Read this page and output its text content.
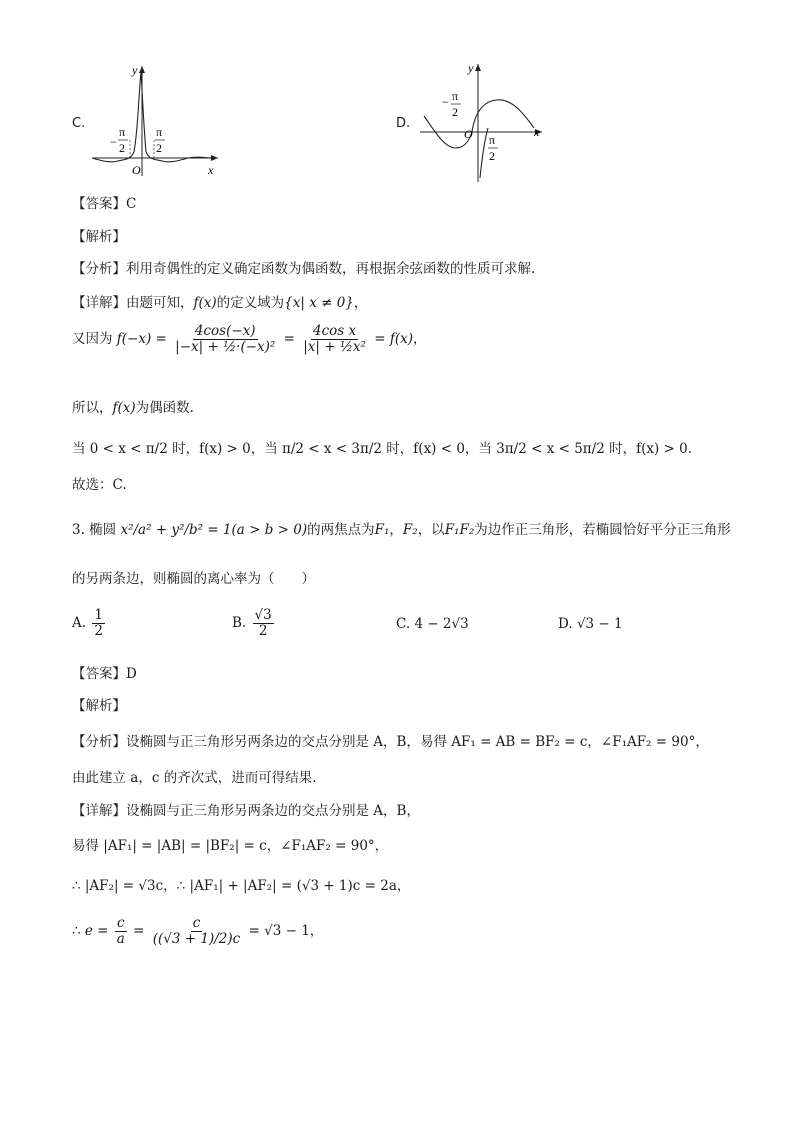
C.
y
x
O
−
π
2
π
2
D.
y
x
O
− π
2
π
2
【答案】C
【解析】
【分析】利用奇偶性的定义确定函数为偶函数，再根据余弦函数的性质可求解.
【详解】由题可知，f(x)的定义域为{x| x ≠ 0}，
又因为 $f(-x) = \frac{4\cos(-x)}{\text{|−x| + ½·(−x)²}} = \frac{\text{4cos x}}{\text{|x| + ½x²}} = f(x)$，
所以，f(x)为偶函数.
当 0 < x < π/2 时，f(x) > 0，当 π/2 < x < 3π/2 时，f(x) < 0，当 3π/2 < x < 5π/2 时，f(x) > 0.
故选：C.
3. 椭圆 x²/a² + y²/b² = 1(a > b > 0)的两焦点为F₁，F₂，以F₁F₂为边作正三角形，若椭圆恰好平分正三角形
的另两条边，则椭圆的离心率为（　　）
A. $\frac{1}{2}$	B. $\frac{√3}{2}$	C. 4 − 2√3	D. √3 − 1
【答案】D
【解析】
【分析】设椭圆与正三角形另两条边的交点分别是 A，B，易得 AF₁ = AB = BF₂ = c，∠F₁AF₂ = 90°，
由此建立 a，c 的齐次式，进而可得结果.
【详解】设椭圆与正三角形另两条边的交点分别是 A，B，
易得 |AF₁| = |AB| = |BF₂| = c，∠F₁AF₂ = 90°，
∴ |AF₂| = √3c，∴ |AF₁| + |AF₂| = (√3 + 1)c = 2a，
∴ $e = \frac{c}{a} = \frac{c}{((√3 + 1)/2)c} = √3 - 1$，
